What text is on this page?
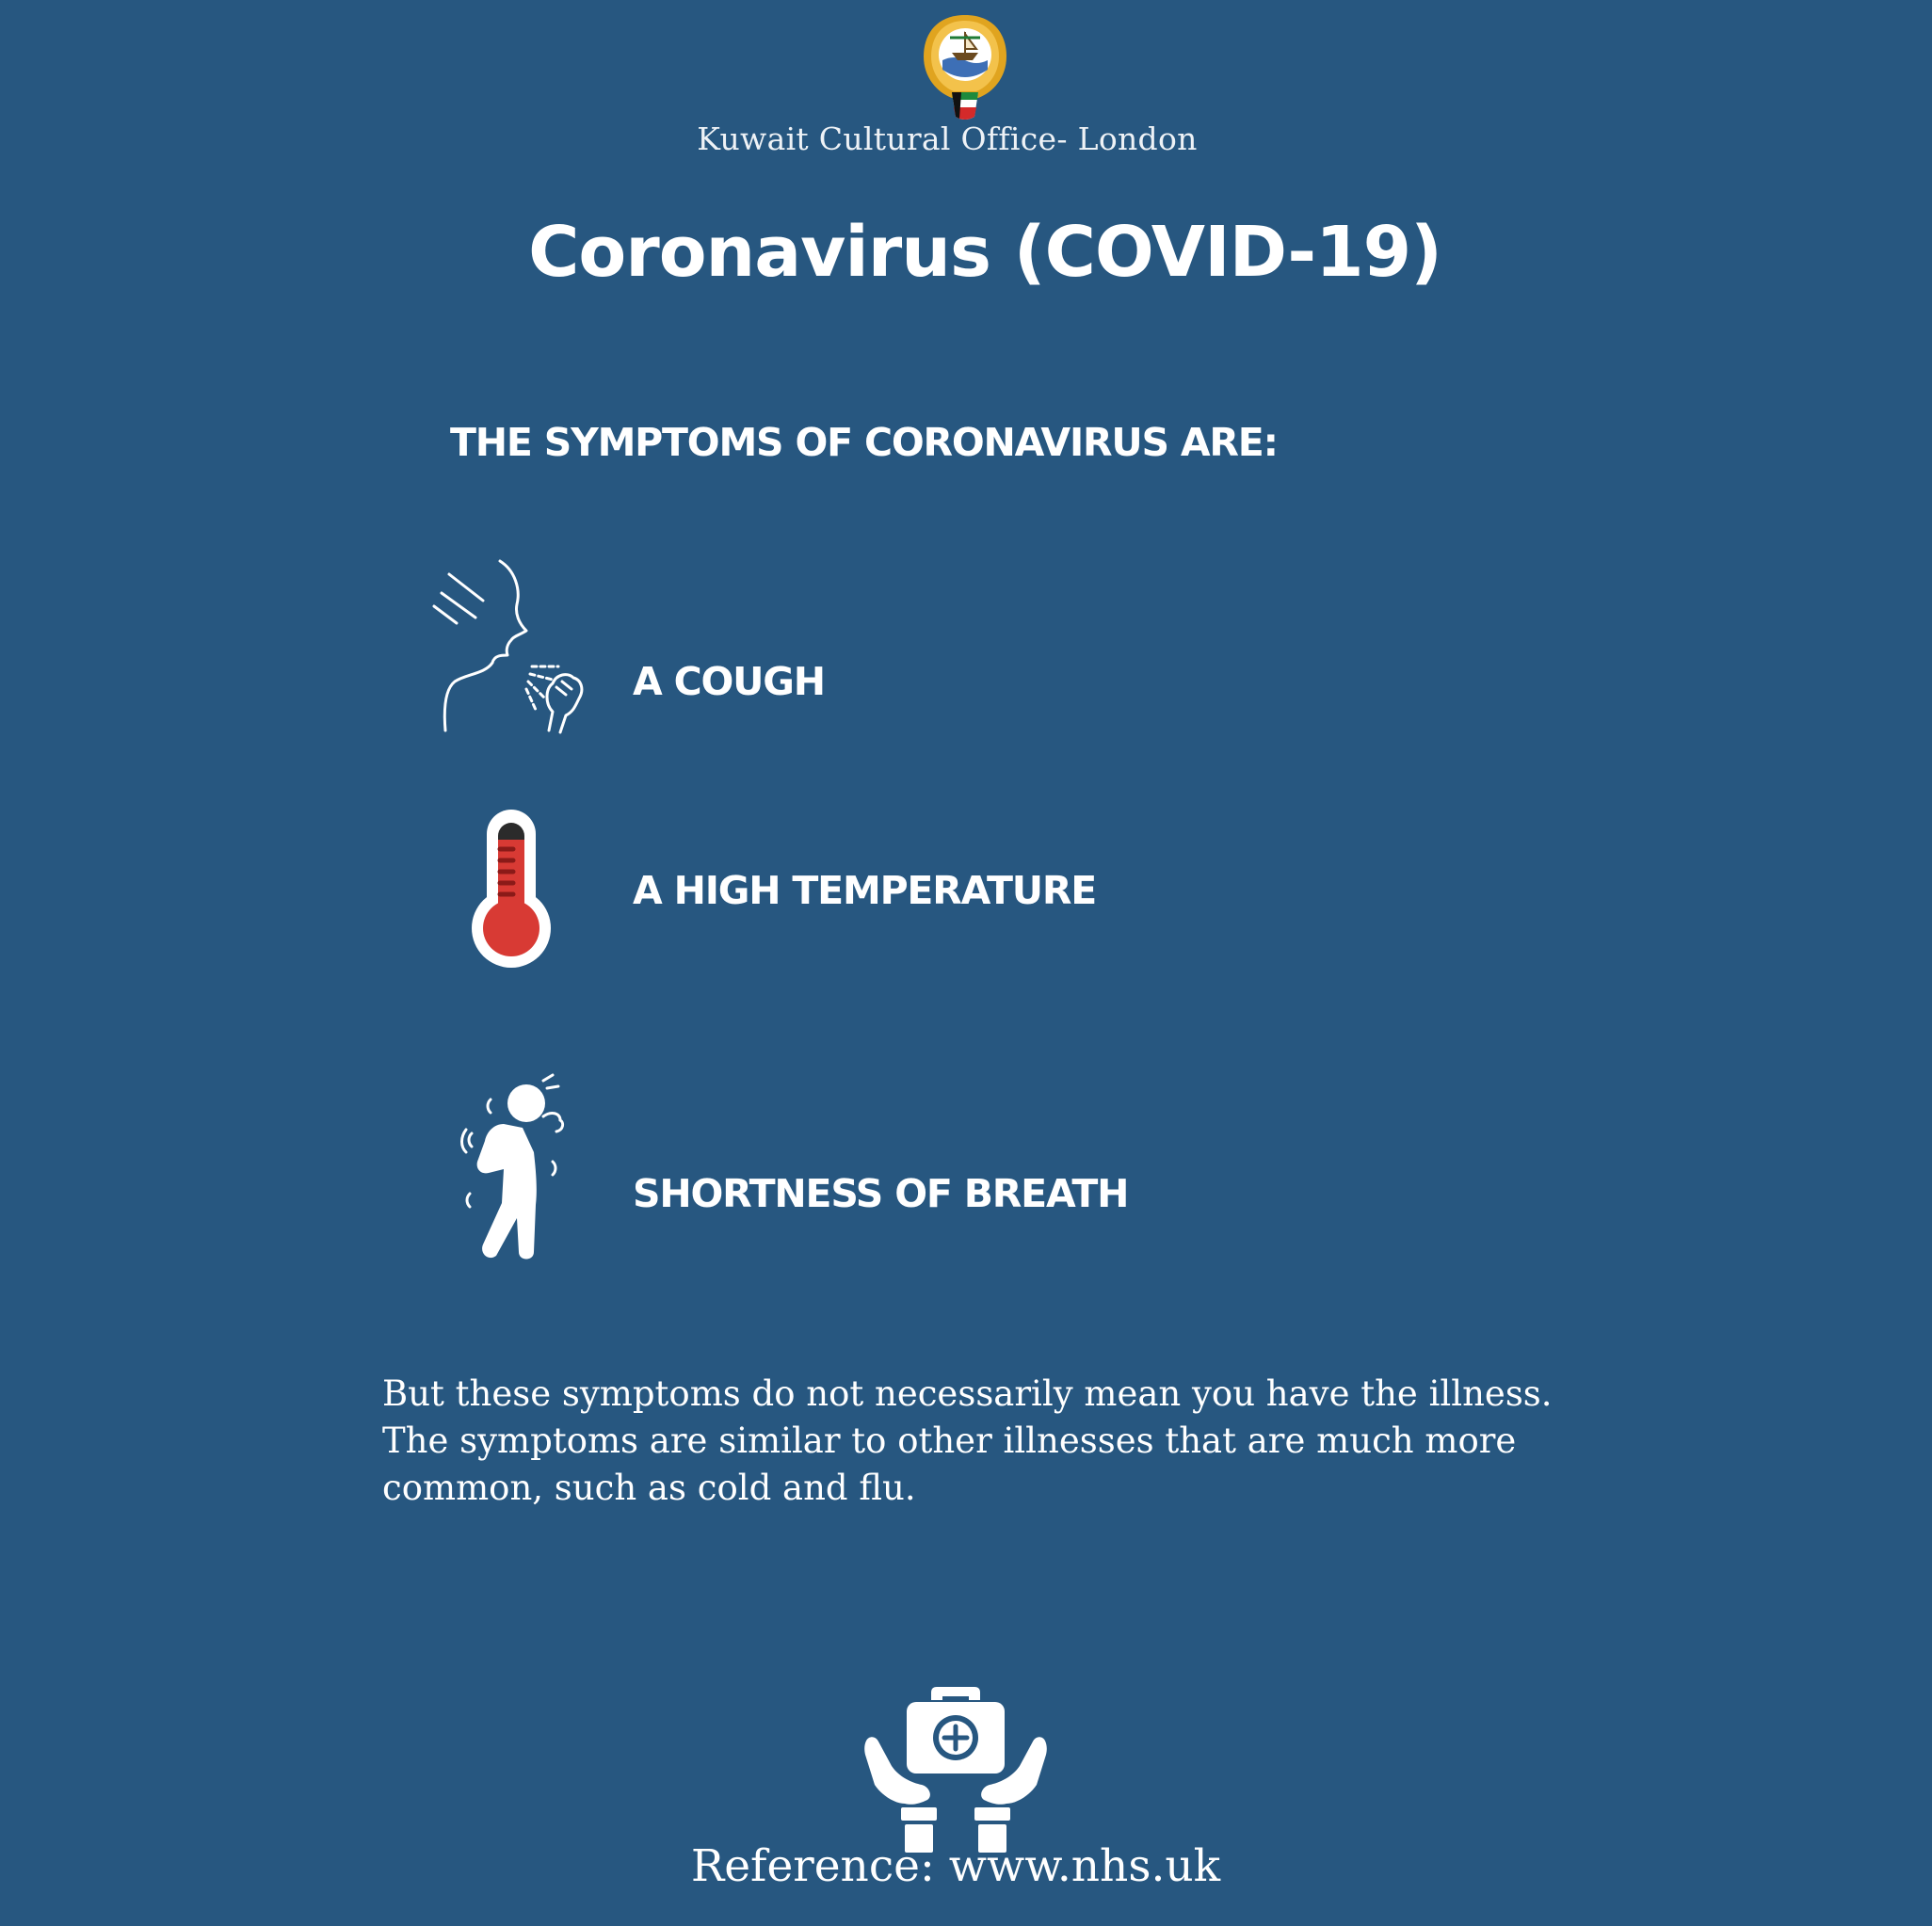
Kuwait Cultural Office- London
Coronavirus (COVID-19)
THE SYMPTOMS OF CORONAVIRUS ARE:
A COUGH
A HIGH TEMPERATURE
SHORTNESS OF BREATH
But these symptoms do not necessarily mean you have the illness. The symptoms are similar to other illnesses that are much more common, such as cold and flu.
Reference: www.nhs.uk
